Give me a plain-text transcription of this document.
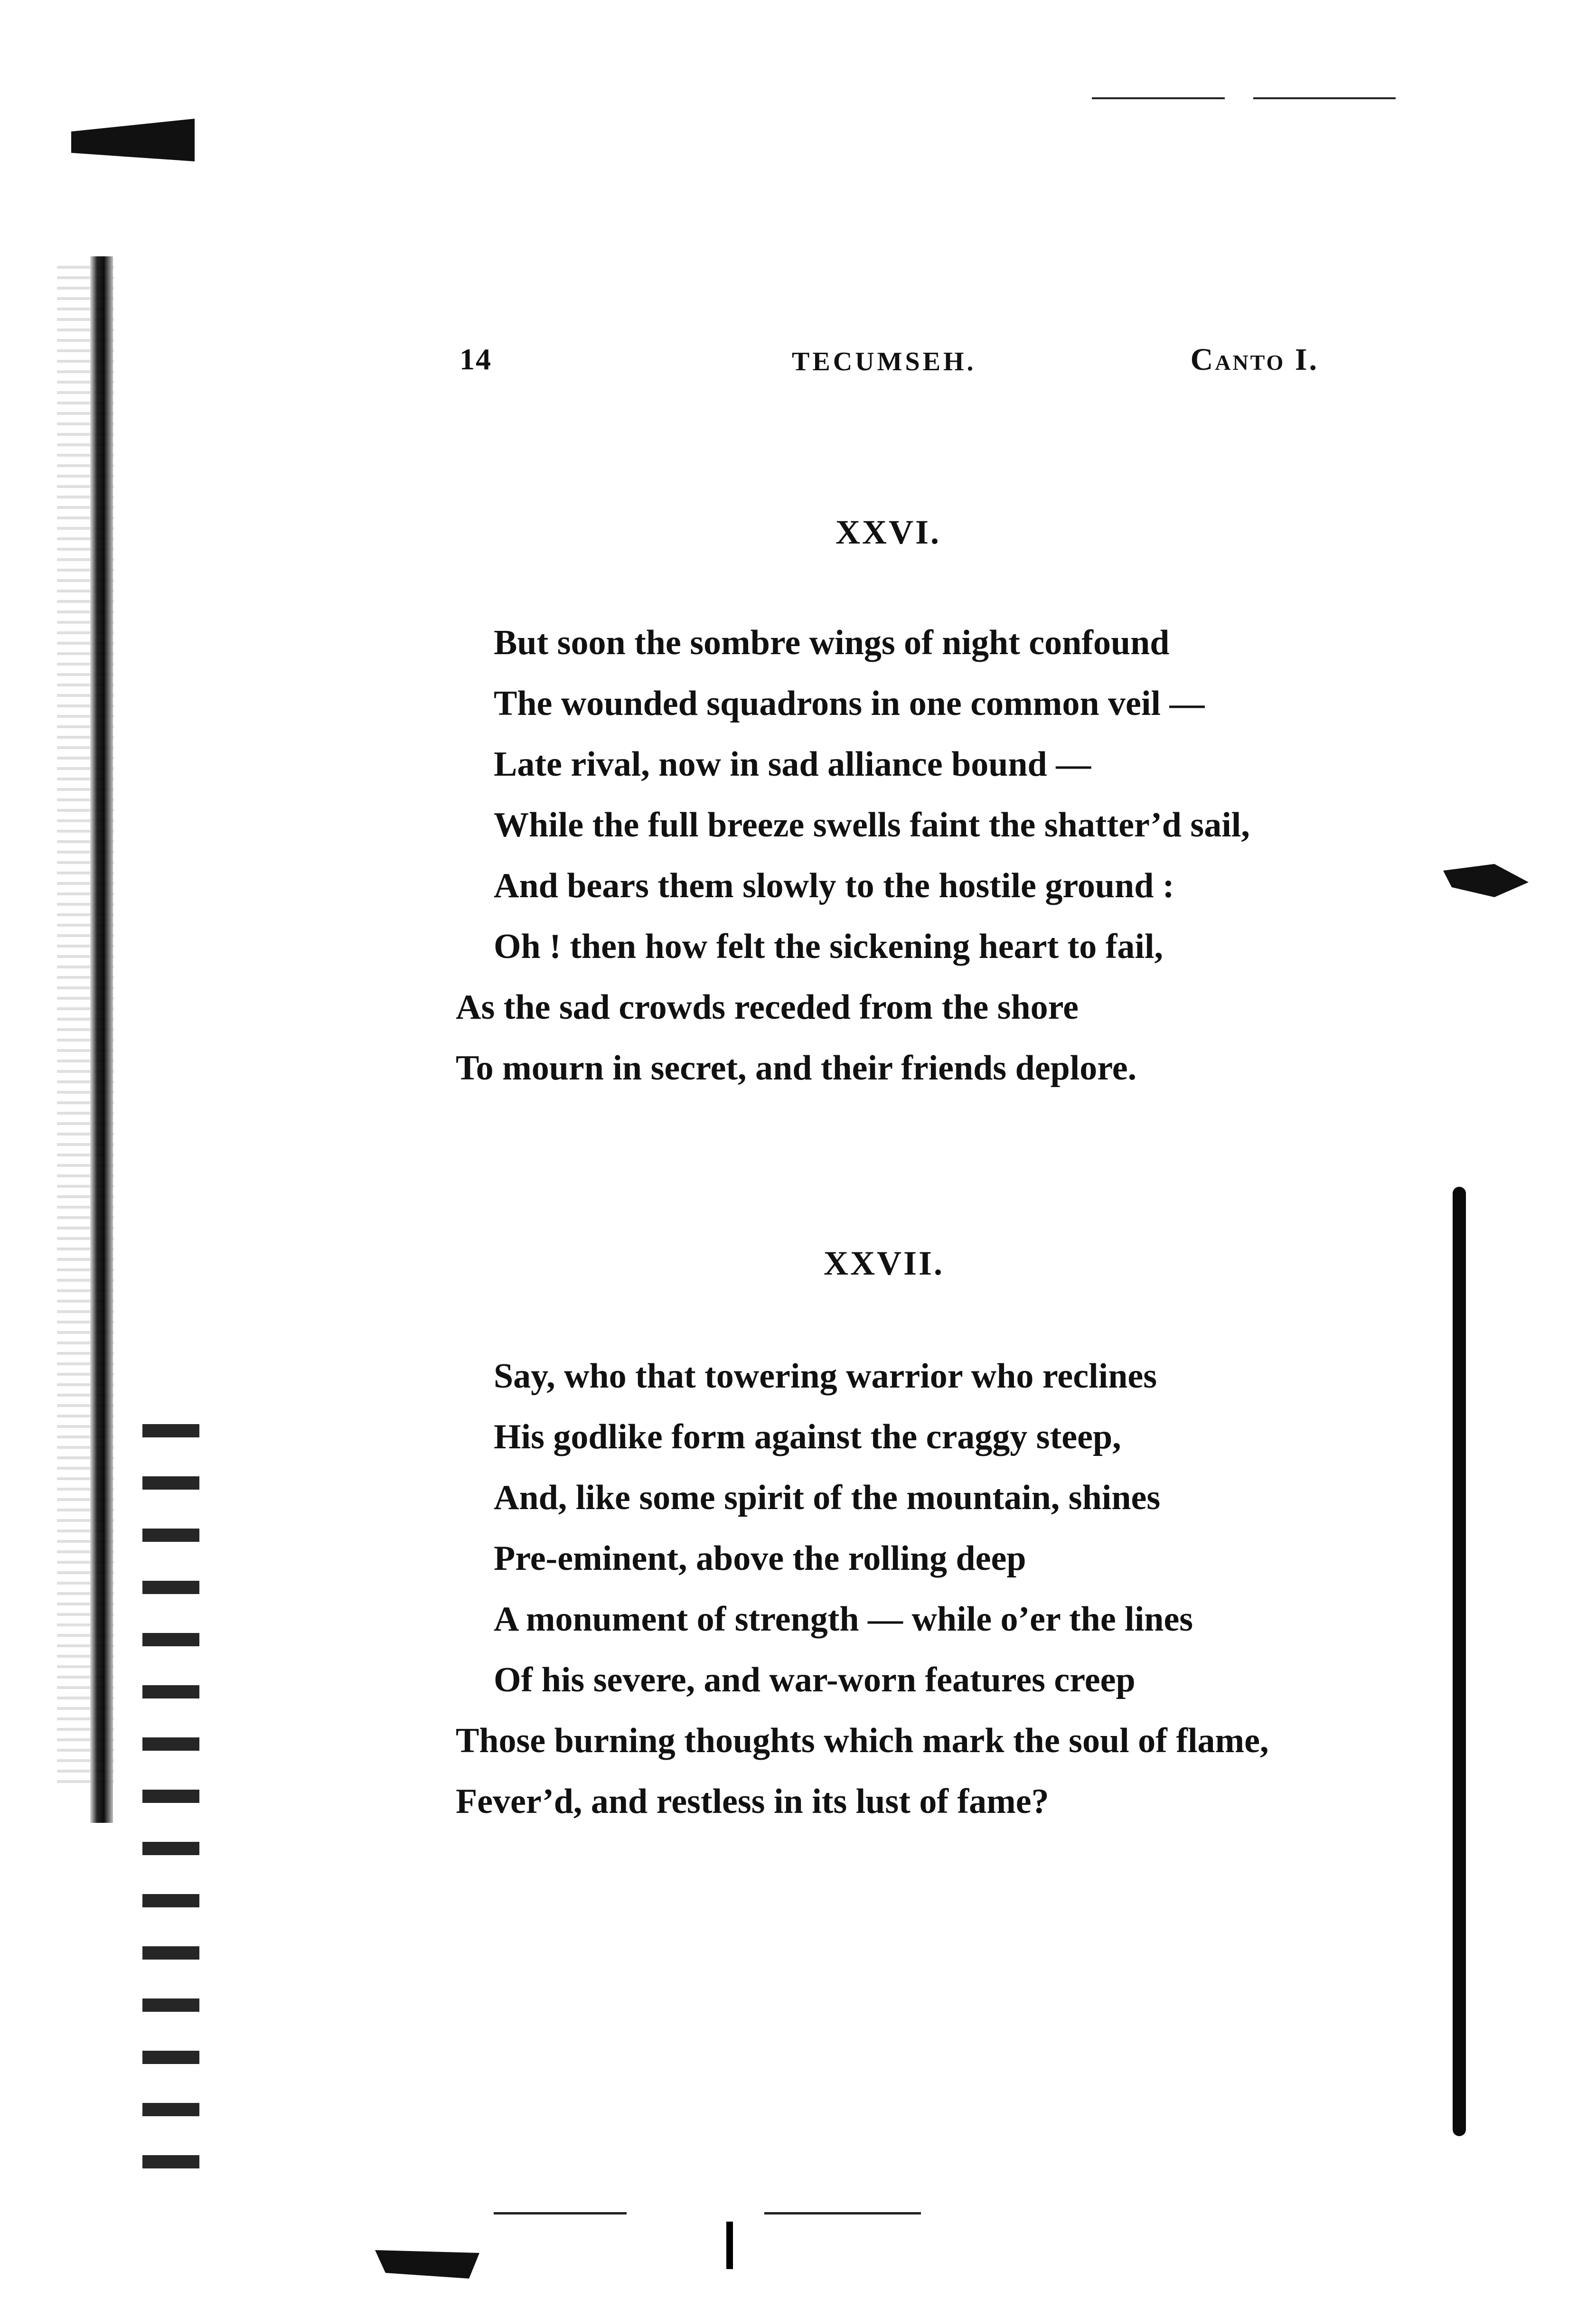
14	TECUMSEH.	Canto I.
XXVI.
But soon the sombre wings of night confound
The wounded squadrons in one common veil —
Late rival, now in sad alliance bound —
While the full breeze swells faint the shatter’d sail,
And bears them slowly to the hostile ground :
Oh ! then how felt the sickening heart to fail,
As the sad crowds receded from the shore
To mourn in secret, and their friends deplore.
XXVII.
Say, who that towering warrior who reclines
His godlike form against the craggy steep,
And, like some spirit of the mountain, shines
Pre-eminent, above the rolling deep
A monument of strength — while o’er the lines
Of his severe, and war-worn features creep
Those burning thoughts which mark the soul of flame,
Fever’d, and restless in its lust of fame?
